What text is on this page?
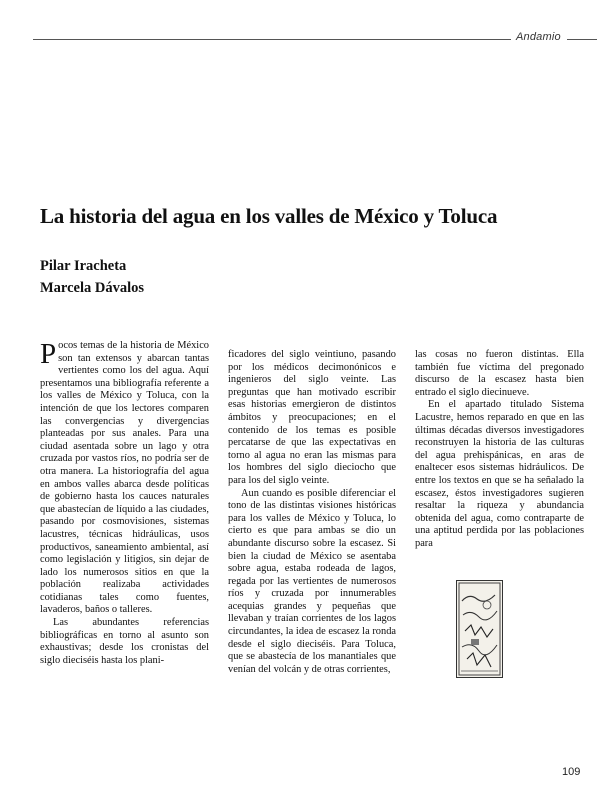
Andamio
La historia del agua en los valles de México y Toluca

Pilar Iracheta

Marcela Dávalos

Pocos temas de la historia de México son tan extensos y abarcan tantas vertientes como los del agua. Aquí presentamos una bibliografía referente a los valles de México y Toluca, con la intención de que los lectores comparen las convergencias y divergencias planteadas por sus anales. Para una ciudad asentada sobre un lago y otra cruzada por vastos ríos, no podría ser de otra manera. La historiografía del agua en ambos valles abarca desde políticas de gobierno hasta los cauces naturales que abastecían de líquido a las ciudades, pasando por cosmovisiones, sistemas lacustres, técnicas hidráulicas, usos productivos, saneamiento ambiental, así como legislación y litigios, sin dejar de lado los numerosos sitios en que la población realizaba actividades cotidianas tales como fuentes, lavaderos, baños o talleres.

Las abundantes referencias bibliográficas en torno al asunto son exhaustivas; desde los cronistas del siglo dieciséis hasta los plani-

ficadores del siglo veintiuno, pasando por los médicos decimonónicos e ingenieros del siglo veinte. Las preguntas que han motivado escribir esas historias emergieron de distintos ámbitos y preocupaciones; en el contenido de los temas es posible percatarse de que las expectativas en torno al agua no eran las mismas para los hombres del siglo dieciocho que para los del siglo veinte.

Aun cuando es posible diferenciar el tono de las distintas visiones históricas para los valles de México y Toluca, lo cierto es que para ambas se dio un abundante discurso sobre la escasez. Si bien la ciudad de México se asentaba sobre agua, estaba rodeada de lagos, regada por las vertientes de numerosos ríos y cruzada por innumerables acequias grandes y pequeñas que llevaban y traían corrientes de los lagos circundantes, la idea de escasez la ronda desde el siglo dieciséis. Para Toluca, que se abastecía de los manantiales que venían del volcán y de otras corrientes,

las cosas no fueron distintas. Ella también fue víctima del pregonado discurso de la escasez hasta bien entrado el siglo diecinueve.

En el apartado titulado Sistema Lacustre, hemos reparado en que en las últimas décadas diversos investigadores reconstruyen la historia de las culturas del agua prehispánicas, en aras de enaltecer esos sistemas hidráulicos. De entre los textos en que se ha señalado la escasez, éstos investigadores sugieren resaltar la riqueza y abundancia obtenida del agua, como contraparte de una aptitud perdida por las poblaciones para

109
